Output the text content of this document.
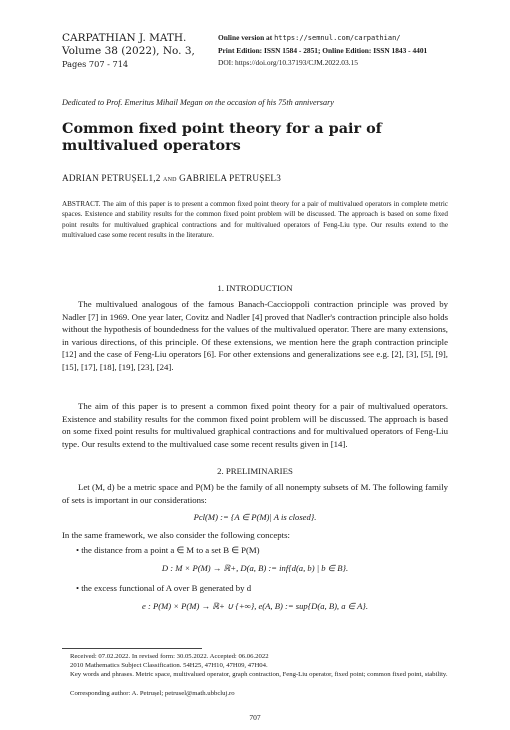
CARPATHIAN J. MATH.
Volume 38 (2022), No. 3,
Pages 707 - 714
Online version at https://semnul.com/carpathian/
Print Edition: ISSN 1584 - 2851; Online Edition: ISSN 1843 - 4401
DOI: https://doi.org/10.37193/CJM.2022.03.15
Dedicated to Prof. Emeritus Mihail Megan on the occasion of his 75th anniversary
Common fixed point theory for a pair of multivalued operators
ADRIAN PETRUȘEL1,2 and GABRIELA PETRUȘEL3
ABSTRACT. The aim of this paper is to present a common fixed point theory for a pair of multivalued operators in complete metric spaces. Existence and stability results for the common fixed point problem will be discussed. The approach is based on some fixed point results for multivalued graphical contractions and for multivalued operators of Feng-Liu type. Our results extend to the multivalued case some recent results in the literature.
1. INTRODUCTION
The multivalued analogous of the famous Banach-Caccioppoli contraction principle was proved by Nadler [7] in 1969. One year later, Covitz and Nadler [4] proved that Nadler's contraction principle also holds without the hypothesis of boundedness for the values of the multivalued operator. There are many extensions, in various directions, of this principle. Of these extensions, we mention here the graph contraction principle [12] and the case of Feng-Liu operators [6]. For other extensions and generalizations see e.g. [2], [3], [5], [9], [15], [17], [18], [19], [23], [24].
The aim of this paper is to present a common fixed point theory for a pair of multivalued operators. Existence and stability results for the common fixed point problem will be discussed. The approach is based on some fixed point results for multivalued graphical contractions and for multivalued operators of Feng-Liu type. Our results extend to the multivalued case some recent results given in [14].
2. PRELIMINARIES
Let (M, d) be a metric space and P(M) be the family of all nonempty subsets of M. The following family of sets is important in our considerations:
Pcl(M) := {A ∈ P(M)| A is closed}.
In the same framework, we also consider the following concepts:
• the distance from a point a ∈ M to a set B ∈ P(M)
D : M × P(M) → ℝ+, D(a, B) := inf{d(a, b) | b ∈ B}.
• the excess functional of A over B generated by d
e : P(M) × P(M) → ℝ+ ∪ {+∞}, e(A, B) := sup{D(a, B), a ∈ A}.
Received: 07.02.2022. In revised form: 30.05.2022. Accepted: 06.06.2022
2010 Mathematics Subject Classification. 54H25, 47H10, 47H09, 47H04.
Key words and phrases. Metric space, multivalued operator, graph contraction, Feng-Liu operator, fixed point; common fixed point, stability.
Corresponding author: A. Petrușel; petrusel@math.ubbcluj.ro
707
